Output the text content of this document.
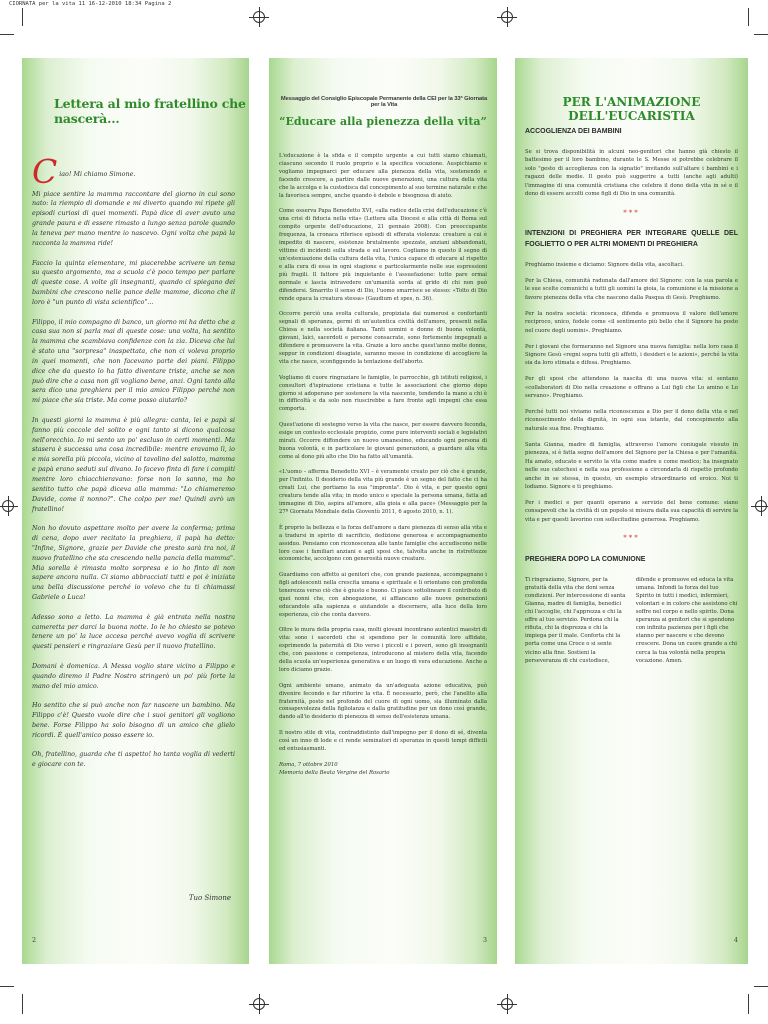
CIORNATA per la vita 11 16-12-2010 18:34 Pagina 2
Lettera al mio fratellino che nascerà...

C iao! Mi chiamo Simone.

Mi piace sentire la mamma raccontare del giorno in cui sono nato: la riempio di domande e mi diverto quando mi ripete gli episodi curiosi di quei momenti. Papà dice di aver avuto una grande paura e di essere rimasto a lungo senza parole quando la teneva per mano mentre io nascevo. Ogni volta che papà la racconta la mamma ride!

Faccio la quinta elementare, mi piacerebbe scrivere un tema su questo argomento, ma a scuola c'è poco tempo per parlare di queste cose. A volte gli insegnanti, quando ci spiegano dei bambini che crescono nelle pance delle mamme, dicono che il loro è "un punto di vista scientifico"...

Filippo, il mio compagno di banco, un giorno mi ha detto che a casa sua non si parla mai di queste cose: una volta, ha sentito la mamma che scambiava confidenze con la zia. Diceva che lui è stato una "sorpresa" inaspettata, che non ci voleva proprio in quei momenti, che non facevano parte dei piani. Filippo dice che da questo lo ha fatto diventare triste, anche se non può dire che a casa non gli vogliano bene, anzi. Ogni tanto alla sera dico una preghiera per il mio amico Filippo perché non mi piace che sia triste. Ma come posso aiutarlo?

In questi giorni la mamma è più allegra: canta, lei e papà si fanno più coccole del solito e ogni tanto si dicono qualcosa nell'orecchio. Io mi sento un po' escluso in certi momenti. Ma stasera è successa una cosa incredibile: mentre eravamo lì, io e mia sorella più piccola, vicino al tavolino del salotto, mamma e papà erano seduti sul divano. Io facevo finta di fare i compiti mentre loro chiacchieravano: forse non lo sanno, ma ho sentito tutto che papà diceva alla mamma: "Lo chiameremo Davide, come il nonno?". Che colpo per me! Quindi avrò un fratellino!

Non ho dovuto aspettare molto per avere la conferma; prima di cena, dopo aver recitato la preghiera, il papà ha detto: "Infine, Signore, grazie per Davide che presto sarà tra noi, il nuovo fratellino che sta crescendo nella pancia della mamma". Mia sorella è rimasta molto sorpresa e io ho finto di non sapere ancora nulla. Ci siamo abbracciati tutti e poi è iniziata una bella discussione perché io volevo che tu ti chiamassi Gabriele o Luca!

Adesso sono a letto. La mamma è già entrata nella nostra cameretta per darci la buona notte. Io le ho chiesto se potevo tenere un po' la luce accesa perché avevo voglia di scrivere questi pensieri e ringraziare Gesù per il nuovo fratellino.

Domani è domenica. A Messa voglio stare vicino a Filippo e quando diremo il Padre Nostro stringerò un po' più forte la mano del mio amico.

Ho sentito che si può anche non far nascere un bambino. Ma Filippo c'è! Questo vuole dire che i suoi genitori gli vogliono bene. Forse Filippo ha solo bisogno di un amico che glielo ricordi. È quell'amico posso essere io.

Oh, fratellino, guarda che ti aspetto! ho tanta voglia di vederti e giocare con te.

Tuo Simone
2
Messaggio del Consiglio Episcopale Permanente della CEI per la 33ª Giornata per la Vita
“Educare alla pienezza della vita”

L'educazione è la sfida e il compito urgente a cui tutti siamo chiamati, ciascuno secondo il ruolo proprio e la specifica vocazione. Auspichiamo e vogliamo impegnarci per educare alla pienezza della vita, sostenendo e facendo crescere, a partire dalle nuove generazioni, una cultura della vita che la accolga e la custodisca dal concepimento al suo termine naturale e che la favorisca sempre, anche quando è debole e bisognosa di aiuto.

Come osserva Papa Benedetto XVI, «alla radice della crisi dell'educazione c'è una crisi di fiducia nella vita» (Lettera alla Diocesi e alla città di Roma sul compito urgente dell'educazione, 21 gennaio 2008). Con preoccupante frequenza, la cronaca riferisce episodi di efferata violenza: creature a cui è impedito di nascere, esistenze brutalmente spezzate, anziani abbandonati, vittime di incidenti sulla strada e sul lavoro. Cogliamo in questo il segno di un'estenuazione della cultura della vita, l'unica capace di educare al rispetto e alla cura di essa in ogni stagione e particolarmente nelle sue espressioni più fragili. Il fattore più inquietante è l'assuefazione: tutto pare ormai normale e lascia intravedere un'umanità sorda al grido di chi non può difendersi. Smarrito il senso di Dio, l'uomo smarrisce se stesso: «Tolto di Dio rende opaca la creatura stessa» (Gaudium et spes, n. 36).

Occorre perciò una svolta culturale, propiziata dai numerosi e confortanti segnali di speranza, germi di un'autentica civiltà dell'amore, presenti nella Chiesa e nella società italiana. Tanti uomini e donne di buona volontà, giovani, laici, sacerdoti e persone consacrate, sono fortemente impegnati a difendere e promuovere la vita. Grazie a loro anche quest'anno molte donne, seppur in condizioni disagiate, saranno messe in condizione di accogliere la vita che nasce, sconfiggendo la tentazione dell'aborto.

Vogliamo di cuore ringraziare le famiglie, le parrocchie, gli istituti religiosi, i consultori d'ispirazione cristiana e tutte le associazioni che giorno dopo giorno si adoperano per sostenere la vita nascente, tendendo la mano a chi è in difficoltà e da solo non riuscirebbe a fare fronte agli impegni che essa comporta.

Quest'azione di sostegno verso la vita che nasce, per essere davvero feconda, esige un contesto ecclesiale propizio, come pure interventi sociali e legislativi mirati. Occorre diffondere un nuovo umanesimo, educando ogni persona di buona volontà, e in particolare le giovani generazioni, a guardare alla vita come al dono più alto che Dio ha fatto all'umanità.

«L'uomo – afferma Benedetto XVI – è veramente creato per ciò che è grande, per l'infinito. Il desiderio della vita più grande è un segno del fatto che ci ha creati Lui, che portiamo la sua "impronta". Dio è vita, e per questo ogni creatura tende alla vita; in modo unico e speciale la persona umana, fatta ad immagine di Dio, aspira all'amore, alla gioia e alla pace» (Messaggio per la 27ª Giornata Mondiale della Gioventù 2011, 6 agosto 2010, n. 1).

È proprio la bellezza e la forza dell'amore a dare pienezza di senso alla vita e a tradursi in spirito di sacrificio, dedizione generosa e accompagnamento assiduo. Pensiamo con riconoscenza alle tante famiglie che accudiscono nelle loro case i familiari anziani e agli sposi che, talvolta anche in ristrettezze economiche, accolgono con generosità nuove creature.

Guardiamo con affetto ai genitori che, con grande pazienza, accompagnano i figli adolescenti nella crescita umana e spirituale e li orientano con profonda tenerezza verso ciò che è giusto e buono. Ci piace sottolineare il contributo di quei nonni che, con abnegazione, si affiancano alle nuove generazioni educandole alla sapienza e aiutandole a discernere, alla luce della loro esperienza, ciò che conta davvero.

Oltre le mura della propria casa, molti giovani incontrano autentici maestri di vita: sono i sacerdoti che si spendono per le comunità loro affidate, esprimendo la paternità di Dio verso i piccoli e i poveri, sono gli insegnanti che, con passione e competenza, introducono al mistero della vita, facendo della scuola un'esperienza generativa e un luogo di vera educazione. Anche a loro diciamo grazie.

Ogni ambiente umano, animato da un'adeguata azione educativa, può divenire fecondo e far rifiorire la vita. È necessario, però, che l'anelito alla fraternità, posto nel profondo del cuore di ogni uomo, sia illuminato dalla consapevolezza della figliolanza e dalla gratitudine per un dono così grande, dando all'io desiderio di pienezza di senso dell'esistenza umana.

Il nostro stile di vita, contraddistinto dall'impegno per il dono di sé, diventa così un inno di lode e ci rende seminatori di speranza in questi tempi difficili ed entusiasmanti.

Roma, 7 ottobre 2010
Memoria della Beata Vergine del Rosario
3
PER L'ANIMAZIONE DELL'EUCARISTIA
ACCOGLIENZA DEI BAMBINI

Se si trova disponibilità in alcuni neo-genitori che hanno già chiesto il battesimo per il loro bambino, durante le S. Messe si potrebbe celebrare il solo "gesto di accoglienza con la signatio" invitando sull'altare i bambini e i ragazzi delle medie. Il gesto può suggerire a tutti (anche agli adulti) l'immagine di una comunità cristiana che celebra il dono della vita in sé e il dono di essere accolti come figli di Dio in una comunità.

***
INTENZIONI DI PREGHIERA PER INTEGRARE QUELLE DEL FOGLIETTO O PER ALTRI MOMENTI DI PREGHIERA

Preghiamo insieme e diciamo: Signore della vita, ascoltaci.

Per la Chiesa, comunità radunata dall'amore del Signore: con la sua parola e le sue scelte comunichi a tutti gli uomini la gioia, la comunione e la missione a favore pienezza della vita che nascono dalla Pasqua di Gesù. Preghiamo.

Per la nostra società: riconosca, difenda e promuova il valore dell'amore reciproco, unico, fedele come «il sentimento più bello che il Signore ha posto nel cuore degli uomini». Preghiamo.

Per i giovani che formeranno nel Signore una nuova famiglia: nella loro casa il Signore Gesù «regni sopra tutti gli affetti, i desideri e le azioni», perché la vita sia da loro stimata e difesa. Preghiamo.

Per gli sposi che attendono la nascita di una nuova vita: si sentano «collaboratori di Dio nella creazione e offrano a Lui figli che Lo amino e Lo servano». Preghiamo.

Perché tutti noi viviamo nella riconoscenza a Dio per il dono della vita e nel riconoscimento della dignità, in ogni sua istante, dal concepimento alla naturale sua fine. Preghiamo.

Santa Gianna, madre di famiglia, attraverso l'amore coniugale vissuto in pienezza, si è fatta segno dell'amore del Signore per la Chiesa e per l'umanità. Ha amato, educato e servito la vita come madre e come medico; ha insegnato nelle sue catechesi e nella sua professione a circondarla di rispetto profondo anche in se stessa, in questo, un esempio straordinario ed eroico. Noi ti lodiamo. Signore e ti preghiamo.

Per i medici e per quanti operano a servizio del bene comune: siano consapevoli che la civiltà di un popolo si misura dalla sua capacità di servire la vita e per questi lavorino con sollecitudine generosa. Preghiamo.

***
PREGHIERA DOPO LA COMUNIONE
Ti ringraziamo, Signore, per la gratuità della vita che doni senza condizioni. Per intercessione di santa Gianna, madre di famiglia, benedici chi l'accoglie, chi l'apprezza e chi la offre al tuo servizio. Perdona chi la rifiuta, chi la disprezza e chi la impiega per il male. Conforta chi la porta come una Croce o si sente vicino alla fine. Sostieni la perseveranza di chi custodisce,
difende e promuove ed educa la vita umana. Infondi la forza del tuo Spirito in tutti i medici, infermieri, volontari e in coloro che assistono chi soffre nel corpo e nello spirito. Dona speranza ai genitori che si spendono con infinita pazienza per i figli che stanno per nascere e che devono crescere. Dona un cuore grande a chi cerca la tua volontà nella propria vocazione. Amen.
4
